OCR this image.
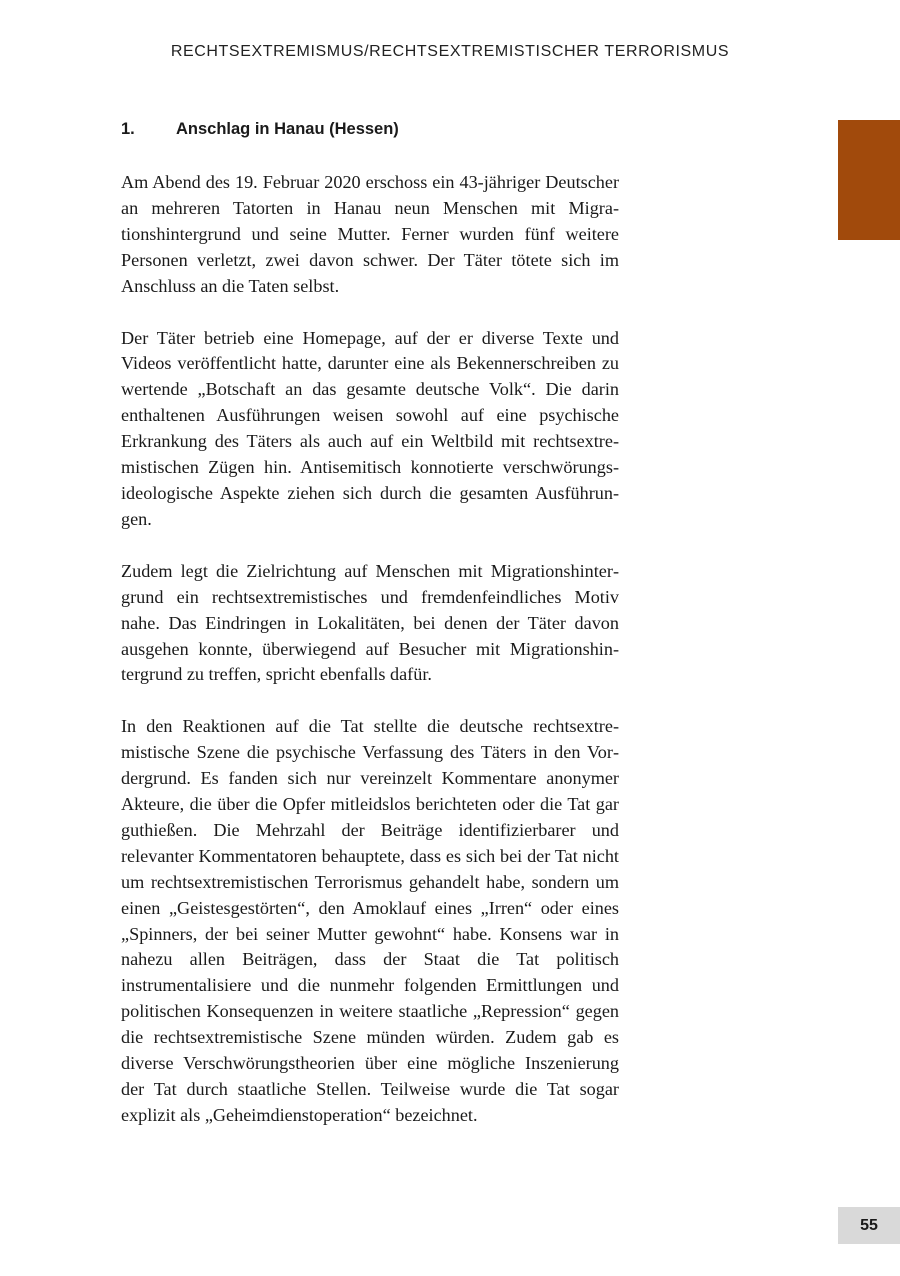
RECHTSEXTREMISMUS/RECHTSEXTREMISTISCHER TERRORISMUS
1. Anschlag in Hanau (Hessen)

Am Abend des 19. Februar 2020 erschoss ein 43-jähriger Deutscher an mehreren Tatorten in Hanau neun Menschen mit Migrationshintergrund und seine Mutter. Ferner wurden fünf weitere Personen verletzt, zwei davon schwer. Der Täter tötete sich im Anschluss an die Taten selbst.

Der Täter betrieb eine Homepage, auf der er diverse Texte und Videos veröffentlicht hatte, darunter eine als Bekennerschreiben zu wertende „Botschaft an das gesamte deutsche Volk“. Die darin enthaltenen Ausführungen weisen sowohl auf eine psychische Erkrankung des Täters als auch auf ein Weltbild mit rechtsextremistischen Zügen hin. Antisemitisch konnotierte verschwörungsideologische Aspekte ziehen sich durch die gesamten Ausführungen.

Zudem legt die Zielrichtung auf Menschen mit Migrationshintergrund ein rechtsextremistisches und fremdenfeindliches Motiv nahe. Das Eindringen in Lokalitäten, bei denen der Täter davon ausgehen konnte, überwiegend auf Besucher mit Migrationshintergrund zu treffen, spricht ebenfalls dafür.

In den Reaktionen auf die Tat stellte die deutsche rechtsextremistische Szene die psychische Verfassung des Täters in den Vordergrund. Es fanden sich nur vereinzelt Kommentare anonymer Akteure, die über die Opfer mitleidslos berichteten oder die Tat gar guthießen. Die Mehrzahl der Beiträge identifizierbarer und relevanter Kommentatoren behauptete, dass es sich bei der Tat nicht um rechtsextremistischen Terrorismus gehandelt habe, sondern um einen „Geistesgestörten“, den Amoklauf eines „Irren“ oder eines „Spinners, der bei seiner Mutter gewohnt“ habe. Konsens war in nahezu allen Beiträgen, dass der Staat die Tat politisch instrumentalisiere und die nunmehr folgenden Ermittlungen und politischen Konsequenzen in weitere staatliche „Repression“ gegen die rechtsextremistische Szene münden würden. Zudem gab es diverse Verschwörungstheorien über eine mögliche Inszenierung der Tat durch staatliche Stellen. Teilweise wurde die Tat sogar explizit als „Geheimdienstoperation“ bezeichnet.

55
